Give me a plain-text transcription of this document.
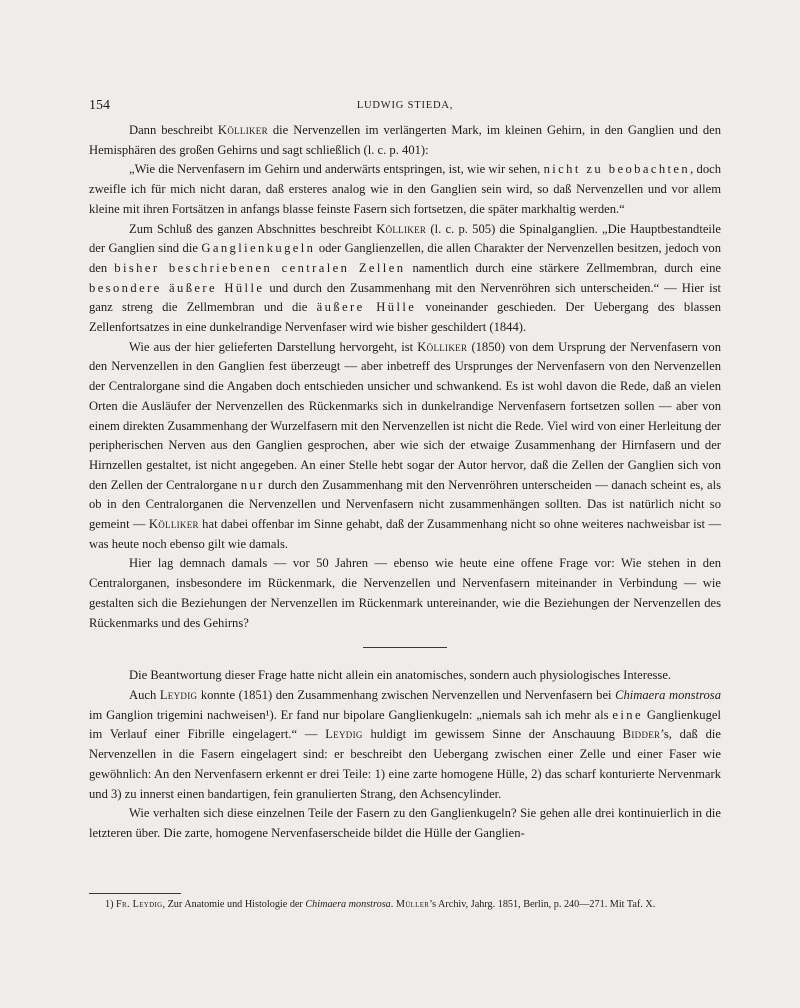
154	LUDWIG STIEDA,

Dann beschreibt Kölliker die Nervenzellen im verlängerten Mark, im kleinen Gehirn, in den Ganglien und den Hemisphären des großen Gehirns und sagt schließlich (l. c. p. 401):

„Wie die Nervenfasern im Gehirn und anderwärts entspringen, ist, wie wir sehen, nicht zu beobachten, doch zweifle ich für mich nicht daran, daß ersteres analog wie in den Ganglien sein wird, so daß Nervenzellen und vor allem kleine mit ihren Fortsätzen in anfangs blasse feinste Fasern sich fortsetzen, die später markhaltig werden.“

Zum Schluß des ganzen Abschnittes beschreibt Kölliker (l. c. p. 505) die Spinalganglien. „Die Hauptbestandteile der Ganglien sind die Ganglienkugeln oder Ganglienzellen, die allen Charakter der Nervenzellen besitzen, jedoch von den bisher beschriebenen centralen Zellen namentlich durch eine stärkere Zellmembran, durch eine besondere äußere Hülle und durch den Zusammenhang mit den Nervenröhren sich unterscheiden.“ — Hier ist ganz streng die Zellmembran und die äußere Hülle voneinander geschieden. Der Uebergang des blassen Zellenfortsatzes in eine dunkelrandige Nervenfaser wird wie bisher geschildert (1844).

Wie aus der hier gelieferten Darstellung hervorgeht, ist Kölliker (1850) von dem Ursprung der Nervenfasern von den Nervenzellen in den Ganglien fest überzeugt — aber inbetreff des Ursprunges der Nervenfasern von den Nervenzellen der Centralorgane sind die Angaben doch entschieden unsicher und schwankend. Es ist wohl davon die Rede, daß an vielen Orten die Ausläufer der Nervenzellen des Rückenmarks sich in dunkelrandige Nervenfasern fortsetzen sollen — aber von einem direkten Zusammenhang der Wurzelfasern mit den Nervenzellen ist nicht die Rede. Viel wird von einer Herleitung der peripherischen Nerven aus den Ganglien gesprochen, aber wie sich der etwaige Zusammenhang der Hirnfasern und der Hirnzellen gestaltet, ist nicht angegeben. An einer Stelle hebt sogar der Autor hervor, daß die Zellen der Ganglien sich von den Zellen der Centralorgane nur durch den Zusammenhang mit den Nervenröhren unterscheiden — danach scheint es, als ob in den Centralorganen die Nervenzellen und Nervenfasern nicht zusammenhängen sollten. Das ist natürlich nicht so gemeint — Kölliker hat dabei offenbar im Sinne gehabt, daß der Zusammenhang nicht so ohne weiteres nachweisbar ist — was heute noch ebenso gilt wie damals.

Hier lag demnach damals — vor 50 Jahren — ebenso wie heute eine offene Frage vor: Wie stehen in den Centralorganen, insbesondere im Rückenmark, die Nervenzellen und Nervenfasern miteinander in Verbindung — wie gestalten sich die Beziehungen der Nervenzellen im Rückenmark untereinander, wie die Beziehungen der Nervenzellen des Rückenmarks und des Gehirns?

Die Beantwortung dieser Frage hatte nicht allein ein anatomisches, sondern auch physiologisches Interesse.

Auch Leydig konnte (1851) den Zusammenhang zwischen Nervenzellen und Nervenfasern bei Chimaera monstrosa im Ganglion trigemini nachweisen¹). Er fand nur bipolare Ganglienkugeln: „niemals sah ich mehr als eine Ganglienkugel im Verlauf einer Fibrille eingelagert.“ — Leydig huldigt im gewissem Sinne der Anschauung Bidder’s, daß die Nervenzellen in die Fasern eingelagert sind: er beschreibt den Uebergang zwischen einer Zelle und einer Faser wie gewöhnlich: An den Nervenfasern erkennt er drei Teile: 1) eine zarte homogene Hülle, 2) das scharf konturierte Nervenmark und 3) zu innerst einen bandartigen, fein granulierten Strang, den Achsencylinder.

Wie verhalten sich diese einzelnen Teile der Fasern zu den Ganglienkugeln? Sie gehen alle drei kontinuierlich in die letzteren über. Die zarte, homogene Nervenfaserscheide bildet die Hülle der Ganglien-

1) Fr. Leydig, Zur Anatomie und Histologie der Chimaera monstrosa. Müller’s Archiv, Jahrg. 1851, Berlin, p. 240—271. Mit Taf. X.
